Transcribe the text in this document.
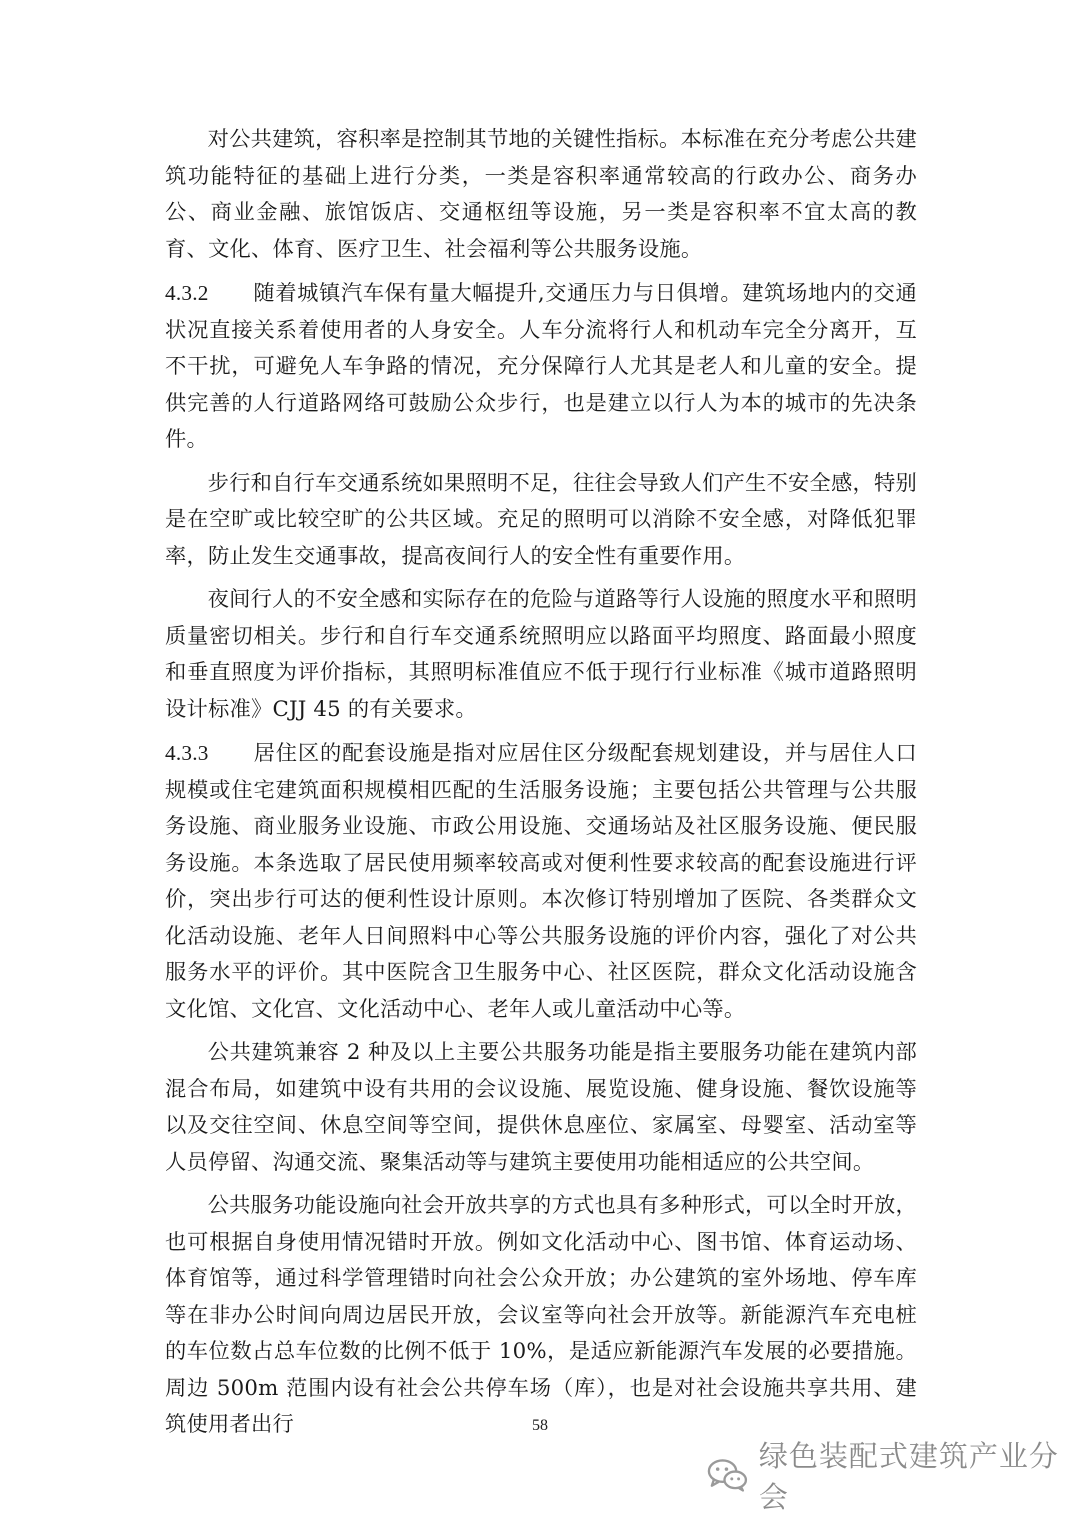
对公共建筑，容积率是控制其节地的关键性指标。本标准在充分考虑公共建筑功能特征的基础上进行分类，一类是容积率通常较高的行政办公、商务办公、商业金融、旅馆饭店、交通枢纽等设施，另一类是容积率不宜太高的教育、文化、体育、医疗卫生、社会福利等公共服务设施。

4.3.2 随着城镇汽车保有量大幅提升,交通压力与日俱增。建筑场地内的交通状况直接关系着使用者的人身安全。人车分流将行人和机动车完全分离开，互不干扰，可避免人车争路的情况，充分保障行人尤其是老人和儿童的安全。提供完善的人行道路网络可鼓励公众步行，也是建立以行人为本的城市的先决条件。

步行和自行车交通系统如果照明不足，往往会导致人们产生不安全感，特别是在空旷或比较空旷的公共区域。充足的照明可以消除不安全感，对降低犯罪率，防止发生交通事故，提高夜间行人的安全性有重要作用。

夜间行人的不安全感和实际存在的危险与道路等行人设施的照度水平和照明质量密切相关。步行和自行车交通系统照明应以路面平均照度、路面最小照度和垂直照度为评价指标，其照明标准值应不低于现行行业标准《城市道路照明设计标准》CJJ 45 的有关要求。

4.3.3 居住区的配套设施是指对应居住区分级配套规划建设，并与居住人口规模或住宅建筑面积规模相匹配的生活服务设施；主要包括公共管理与公共服务设施、商业服务业设施、市政公用设施、交通场站及社区服务设施、便民服务设施。本条选取了居民使用频率较高或对便利性要求较高的配套设施进行评价，突出步行可达的便利性设计原则。本次修订特别增加了医院、各类群众文化活动设施、老年人日间照料中心等公共服务设施的评价内容，强化了对公共服务水平的评价。其中医院含卫生服务中心、社区医院，群众文化活动设施含文化馆、文化宫、文化活动中心、老年人或儿童活动中心等。

公共建筑兼容 2 种及以上主要公共服务功能是指主要服务功能在建筑内部混合布局，如建筑中设有共用的会议设施、展览设施、健身设施、餐饮设施等以及交往空间、休息空间等空间，提供休息座位、家属室、母婴室、活动室等人员停留、沟通交流、聚集活动等与建筑主要使用功能相适应的公共空间。

公共服务功能设施向社会开放共享的方式也具有多种形式，可以全时开放，也可根据自身使用情况错时开放。例如文化活动中心、图书馆、体育运动场、体育馆等，通过科学管理错时向社会公众开放；办公建筑的室外场地、停车库等在非办公时间向周边居民开放，会议室等向社会开放等。新能源汽车充电桩的车位数占总车位数的比例不低于 10%，是适应新能源汽车发展的必要措施。周边 500m 范围内设有社会公共停车场（库），也是对社会设施共享共用、建筑使用者出行	58
绿色装配式建筑产业分会
